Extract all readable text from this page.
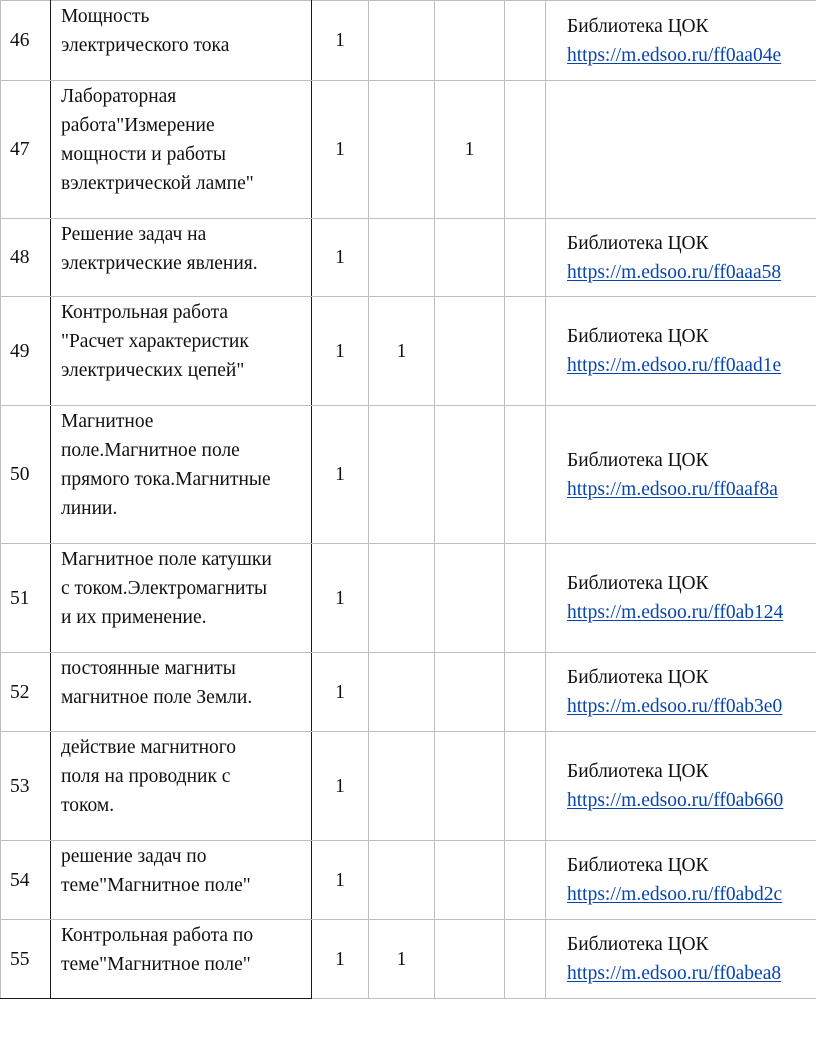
46	Мощность
электрического тока	1				Библиотека ЦОК
https://m.edsoo.ru/ff0aa04e

47	Лабораторная
работа"Измерение
мощности и работы
вэлектрической лампе"	1		1		
48	Решение задач на
электрические явления.	1				Библиотека ЦОК
https://m.edsoo.ru/ff0aaa58

49	Контрольная работа
"Расчет характеристик
электрических цепей"	1	1			Библиотека ЦОК
https://m.edsoo.ru/ff0aad1e

50	Магнитное
поле.Магнитное поле
прямого тока.Магнитные
линии.	1				Библиотека ЦОК
https://m.edsoo.ru/ff0aaf8a

51	Магнитное поле катушки
с током.Электромагниты
и их применение.	1				Библиотека ЦОК
https://m.edsoo.ru/ff0ab124

52	постоянные магниты
магнитное поле Земли.	1				Библиотека ЦОК
https://m.edsoo.ru/ff0ab3e0

53	действие магнитного
поля на проводник с
током.	1				Библиотека ЦОК
https://m.edsoo.ru/ff0ab660

54	решение задач по
теме"Магнитное поле"	1				Библиотека ЦОК
https://m.edsoo.ru/ff0abd2c

55	Контрольная работа по
теме"Магнитное поле"	1	1			Библиотека ЦОК
https://m.edsoo.ru/ff0abea8
